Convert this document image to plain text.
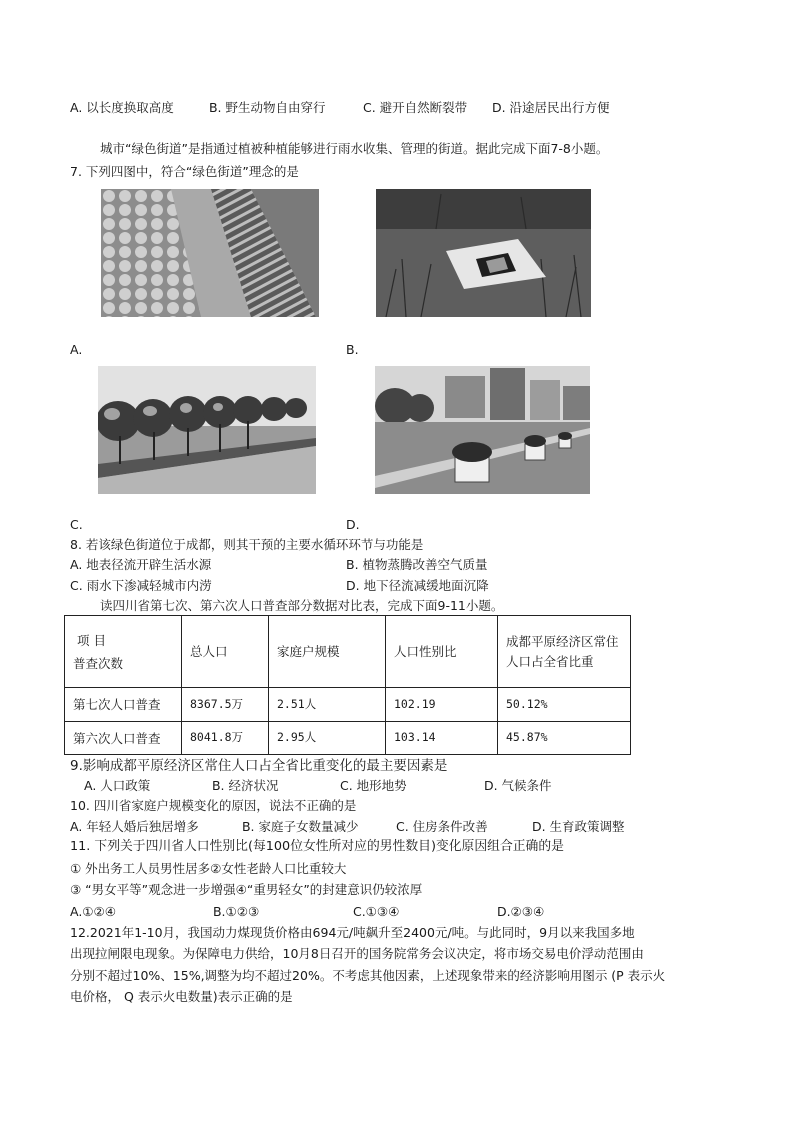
A. 以长度换取高度	B. 野生动物自由穿行	C. 避开自然断裂带 D. 沿途居民出行方便
城市“绿色街道”是指通过植被种植能够进行雨水收集、管理的街道。据此完成下面7-8小题。
7. 下列四图中，符合“绿色街道”理念的是
A.	B.
C.	D.
8. 若该绿色街道位于成都，则其干预的主要水循环环节与功能是
A. 地表径流开辟生活水源	B. 植物蒸腾改善空气质量
C. 雨水下渗减轻城市内涝	D. 地下径流减缓地面沉降
读四川省第七次、第六次人口普查部分数据对比表，完成下面9-11小题。
项 目
普查次数	总人口	家庭户规模	人口性别比	成都平原经济区常住人口占全省比重
第七次人口普查	8367.5万	2.51人	102.19	50.12%
第六次人口普查	8041.8万	2.95人	103.14	45.87%
9.影响成都平原经济区常住人口占全省比重变化的最主要因素是
A. 人口政策	B. 经济状况	C. 地形地势	D. 气候条件
10. 四川省家庭户规模变化的原因，说法不正确的是
A. 年轻人婚后独居增多	B. 家庭子女数量减少	C. 住房条件改善	D. 生育政策调整
11. 下列关于四川省人口性别比(每100位女性所对应的男性数目)变化原因组合正确的是
① 外出务工人员男性居多②女性老龄人口比重较大
③ “男女平等”观念进一步增强④“重男轻女”的封建意识仍较浓厚
A.①②④	B.①②③	C.①③④	D.②③④
12.2021年1-10月，我国动力煤现货价格由694元/吨飙升至2400元/吨。与此同时，9月以来我国多地
出现拉闸限电现象。为保障电力供给，10月8日召开的国务院常务会议决定，将市场交易电价浮动范围由
分别不超过10%、15%,调整为均不超过20%。不考虑其他因素，上述现象带来的经济影响用图示 (P 表示火
电价格， Q 表示火电数量)表示正确的是
